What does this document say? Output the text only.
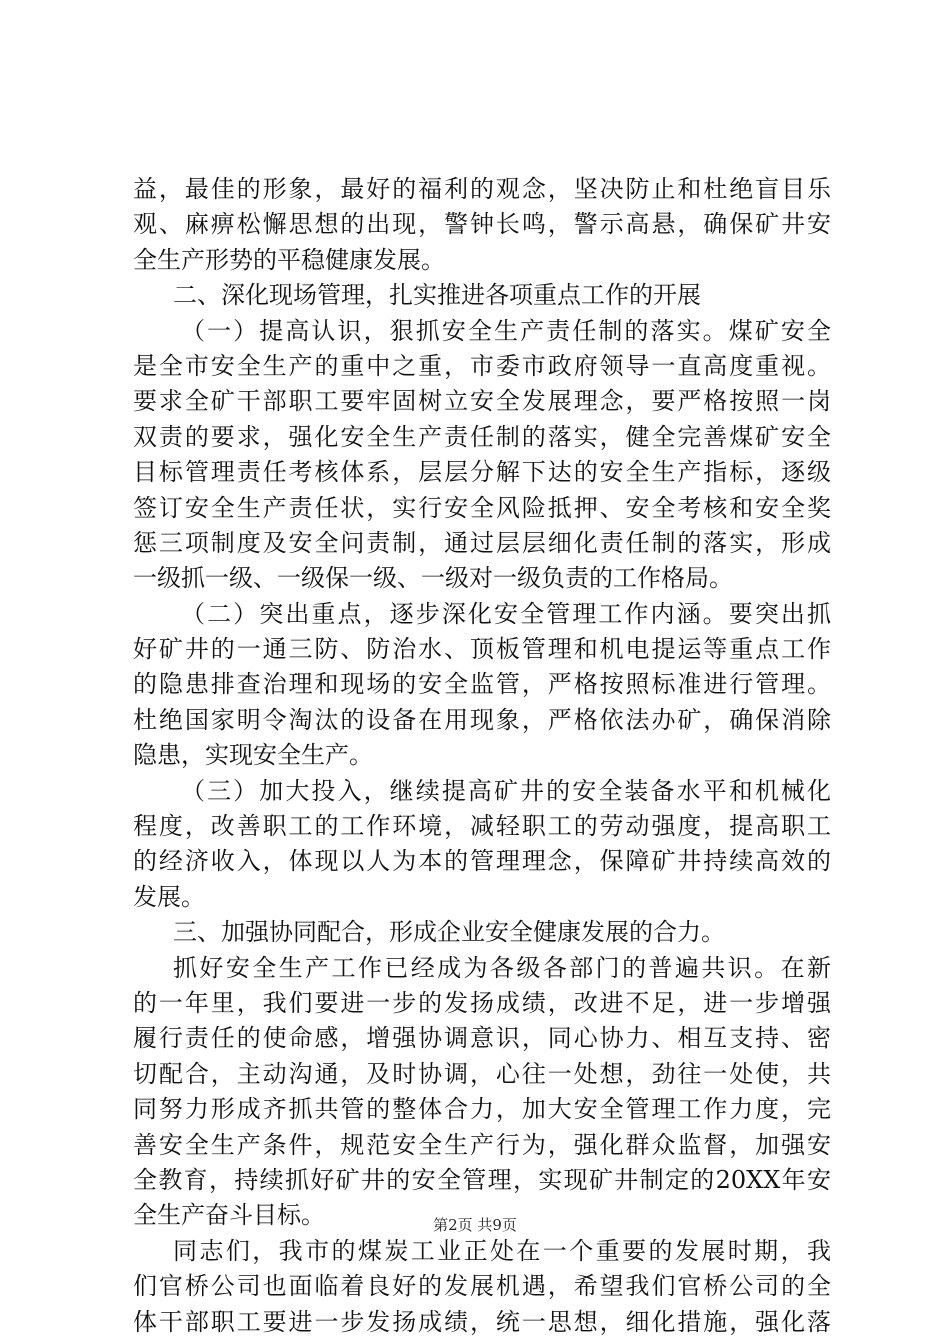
益，最佳的形象，最好的福利的观念，坚决防止和杜绝盲目乐
观、麻痹松懈思想的出现，警钟长鸣，警示高悬，确保矿井安
全生产形势的平稳健康发展。
二、深化现场管理，扎实推进各项重点工作的开展
（一）提高认识，狠抓安全生产责任制的落实。煤矿安全
是全市安全生产的重中之重，市委市政府领导一直高度重视。
要求全矿干部职工要牢固树立安全发展理念，要严格按照一岗
双责的要求，强化安全生产责任制的落实，健全完善煤矿安全
目标管理责任考核体系，层层分解下达的安全生产指标，逐级
签订安全生产责任状，实行安全风险抵押、安全考核和安全奖
惩三项制度及安全问责制，通过层层细化责任制的落实，形成
一级抓一级、一级保一级、一级对一级负责的工作格局。
（二）突出重点，逐步深化安全管理工作内涵。要突出抓
好矿井的一通三防、防治水、顶板管理和机电提运等重点工作
的隐患排查治理和现场的安全监管，严格按照标准进行管理。
杜绝国家明令淘汰的设备在用现象，严格依法办矿，确保消除
隐患，实现安全生产。
（三）加大投入，继续提高矿井的安全装备水平和机械化
程度，改善职工的工作环境，减轻职工的劳动强度，提高职工
的经济收入，体现以人为本的管理理念，保障矿井持续高效的
发展。
三、加强协同配合，形成企业安全健康发展的合力。
抓好安全生产工作已经成为各级各部门的普遍共识。在新
的一年里，我们要进一步的发扬成绩，改进不足，进一步增强
履行责任的使命感，增强协调意识，同心协力、相互支持、密
切配合，主动沟通，及时协调，心往一处想，劲往一处使，共
同努力形成齐抓共管的整体合力，加大安全管理工作力度，完
善安全生产条件，规范安全生产行为，强化群众监督，加强安
全教育，持续抓好矿井的安全管理，实现矿井制定的20XX年安
全生产奋斗目标。
同志们，我市的煤炭工业正处在一个重要的发展时期，我
们官桥公司也面临着良好的发展机遇，希望我们官桥公司的全
体干部职工要进一步发扬成绩，统一思想，细化措施，强化落
第2页 共9页
